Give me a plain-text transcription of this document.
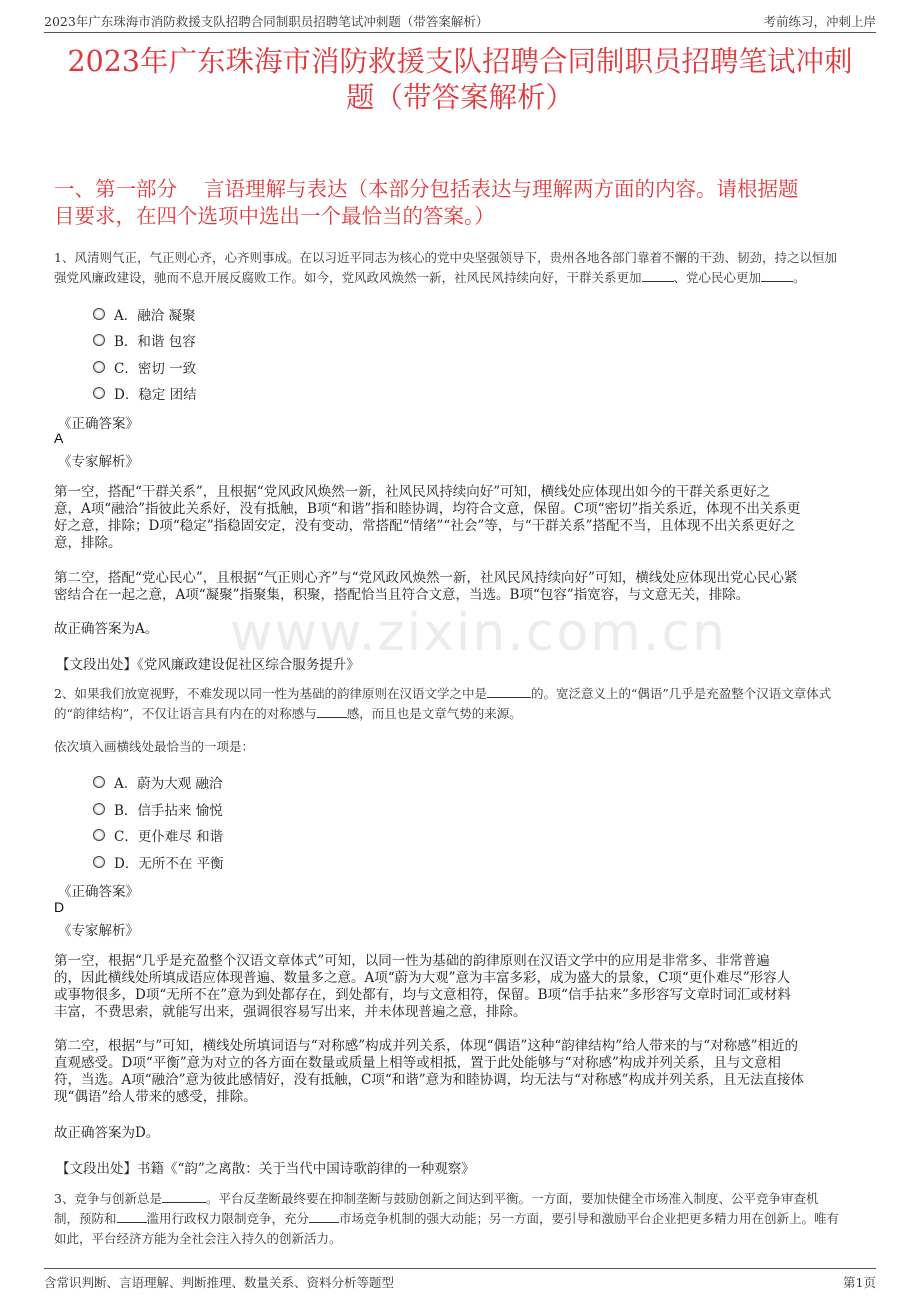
2023年广东珠海市消防救援支队招聘合同制职员招聘笔试冲刺题（带答案解析）	考前练习，冲刺上岸
2023年广东珠海市消防救援支队招聘合同制职员招聘笔试冲刺
题（带答案解析）
一、第一部分　 言语理解与表达（本部分包括表达与理解两方面的内容。请根据题
目要求，在四个选项中选出一个最恰当的答案。）
www.zixin.com.cn
1、风清则气正，气正则心齐，心齐则事成。在以习近平同志为核心的党中央坚强领导下，贵州各地各部门靠着不懈的干劲、韧劲，持之以恒加
强党风廉政建设，驰而不息开展反腐败工作。如今，党风政风焕然一新，社风民风持续向好，干群关系更加	、党心民心更加	。
A．融洽 凝聚
B．和谐 包容
C．密切 一致
D．稳定 团结
《正确答案》
A
《专家解析》
第一空，搭配“干群关系”，且根据“党风政风焕然一新，社风民风持续向好”可知，横线处应体现出如今的干群关系更好之
意，A项“融洽”指彼此关系好，没有抵触，B项“和谐”指和睦协调，均符合文意，保留。C项“密切”指关系近，体现不出关系更
好之意，排除；D项“稳定”指稳固安定，没有变动，常搭配“情绪”“社会”等，与“干群关系”搭配不当，且体现不出关系更好之
意，排除。
第二空，搭配“党心民心”，且根据“气正则心齐”与“党风政风焕然一新，社风民风持续向好”可知，横线处应体现出党心民心紧
密结合在一起之意，A项“凝聚”指聚集，积聚，搭配恰当且符合文意，当选。B项“包容”指宽容，与文意无关，排除。
故正确答案为A。
【文段出处】《党风廉政建设促社区综合服务提升》
2、如果我们放宽视野，不难发现以同一性为基础的韵律原则在汉语文学之中是	的。宽泛意义上的“偶语”几乎是充盈整个汉语文章体式
的“韵律结构”，不仅让语言具有内在的对称感与 感，而且也是文章气势的来源。
依次填入画横线处最恰当的一项是：
A．蔚为大观 融洽
B．信手拈来 愉悦
C．更仆难尽 和谐
D．无所不在 平衡
《正确答案》
D
《专家解析》
第一空，根据“几乎是充盈整个汉语文章体式”可知，以同一性为基础的韵律原则在汉语文学中的应用是非常多、非常普遍
的，因此横线处所填成语应体现普遍、数量多之意。A项“蔚为大观”意为丰富多彩，成为盛大的景象，C项“更仆难尽”形容人
或事物很多，D项“无所不在”意为到处都存在，到处都有，均与文意相符，保留。B项“信手拈来”多形容写文章时词汇或材料
丰富，不费思索，就能写出来，强调很容易写出来，并未体现普遍之意，排除。
第二空，根据“与”可知，横线处所填词语与“对称感”构成并列关系，体现“偶语”这种“韵律结构”给人带来的与“对称感”相近的
直观感受。D项“平衡”意为对立的各方面在数量或质量上相等或相抵，置于此处能够与“对称感”构成并列关系，且与文意相
符，当选。A项“融洽”意为彼此感情好，没有抵触，C项“和谐”意为和睦协调，均无法与“对称感”构成并列关系，且无法直接体
现“偶语”给人带来的感受，排除。
故正确答案为D。
【文段出处】书籍《“韵”之离散：关于当代中国诗歌韵律的一种观察》
3、竞争与创新总是	。平台反垄断最终要在抑制垄断与鼓励创新之间达到平衡。一方面，要加快健全市场准入制度、公平竞争审查机
制，预防和 滥用行政权力限制竞争，充分 市场竞争机制的强大动能；另一方面，要引导和激励平台企业把更多精力用在创新上。唯有
如此，平台经济方能为全社会注入持久的创新活力。
含常识判断、言语理解、判断推理、数量关系、资料分析等题型	第1页
